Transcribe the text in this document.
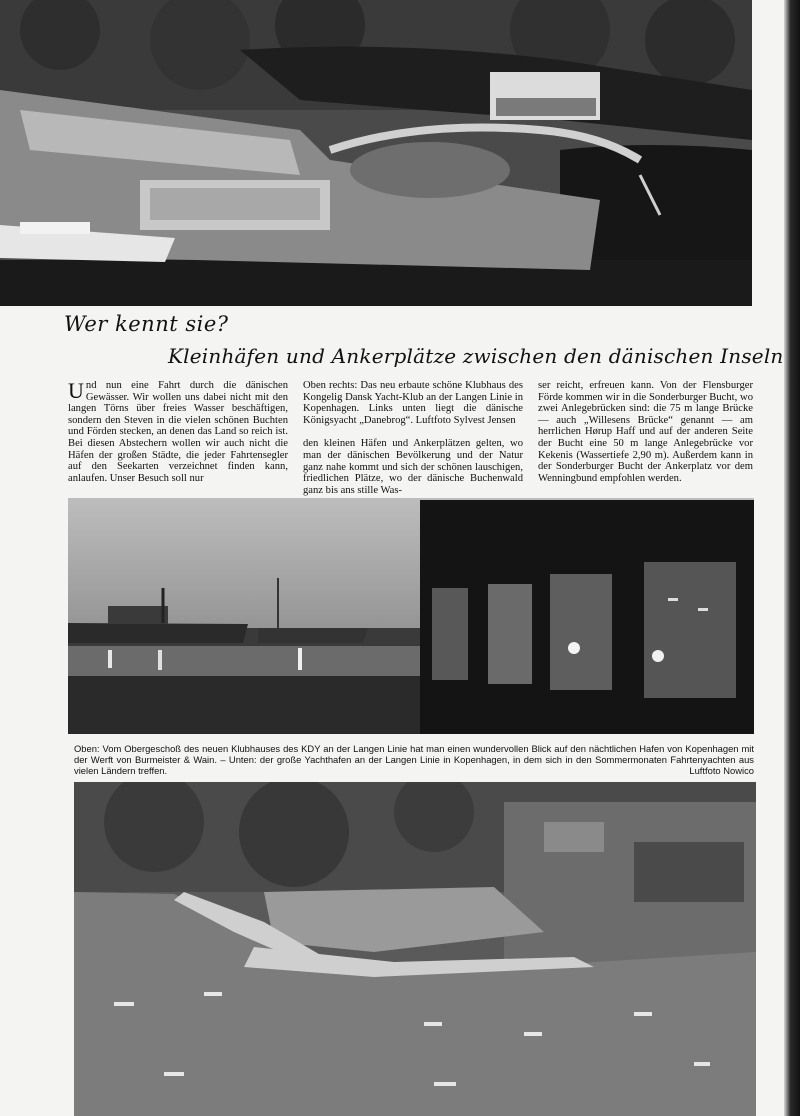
Wer kennt sie?
Kleinhäfen und Ankerplätze zwischen den dänischen Inseln
Und nun eine Fahrt durch die dänischen Gewässer. Wir wollen uns dabei nicht mit den langen Törns über freies Wasser beschäftigen, sondern den Steven in die vielen schönen Buchten und Förden stecken, an denen das Land so reich ist. Bei diesen Abstechern wollen wir auch nicht die Häfen der großen Städte, die jeder Fahrtensegler auf den Seekarten verzeichnet finden kann, anlaufen. Unser Besuch soll nur
Oben rechts: Das neu erbaute schöne Klubhaus des Kongelig Dansk Yacht-Klub an der Langen Linie in Kopenhagen. Links unten liegt die dänische Königsyacht „Danebrog“. Luftfoto Sylvest Jensen
den kleinen Häfen und Ankerplätzen gelten, wo man der dänischen Bevölkerung und der Natur ganz nahe kommt und sich der schönen lauschigen, friedlichen Plätze, wo der dänische Buchenwald ganz bis ans stille Was-
ser reicht, erfreuen kann. Von der Flensburger Förde kommen wir in die Sonderburger Bucht, wo zwei Anlegebrücken sind: die 75 m lange Brücke — auch „Willesens Brücke“ genannt — am herrlichen Hørup Haff und auf der anderen Seite der Bucht eine 50 m lange Anlegebrücke vor Kekenis (Wassertiefe 2,90 m). Außerdem kann in der Sonderburger Bucht der Ankerplatz vor dem Wenningbund empfohlen werden.
Oben: Vom Obergeschoß des neuen Klubhauses des KDY an der Langen Linie hat man einen wundervollen Blick auf den nächtlichen Hafen von Kopenhagen mit der Werft von Burmeister & Wain. – Unten: der große Yachthafen an der Langen Linie in Kopenhagen, in dem sich in den Sommermonaten Fahrtenyachten aus vielen Ländern treffen.	Luftfoto Nowico
